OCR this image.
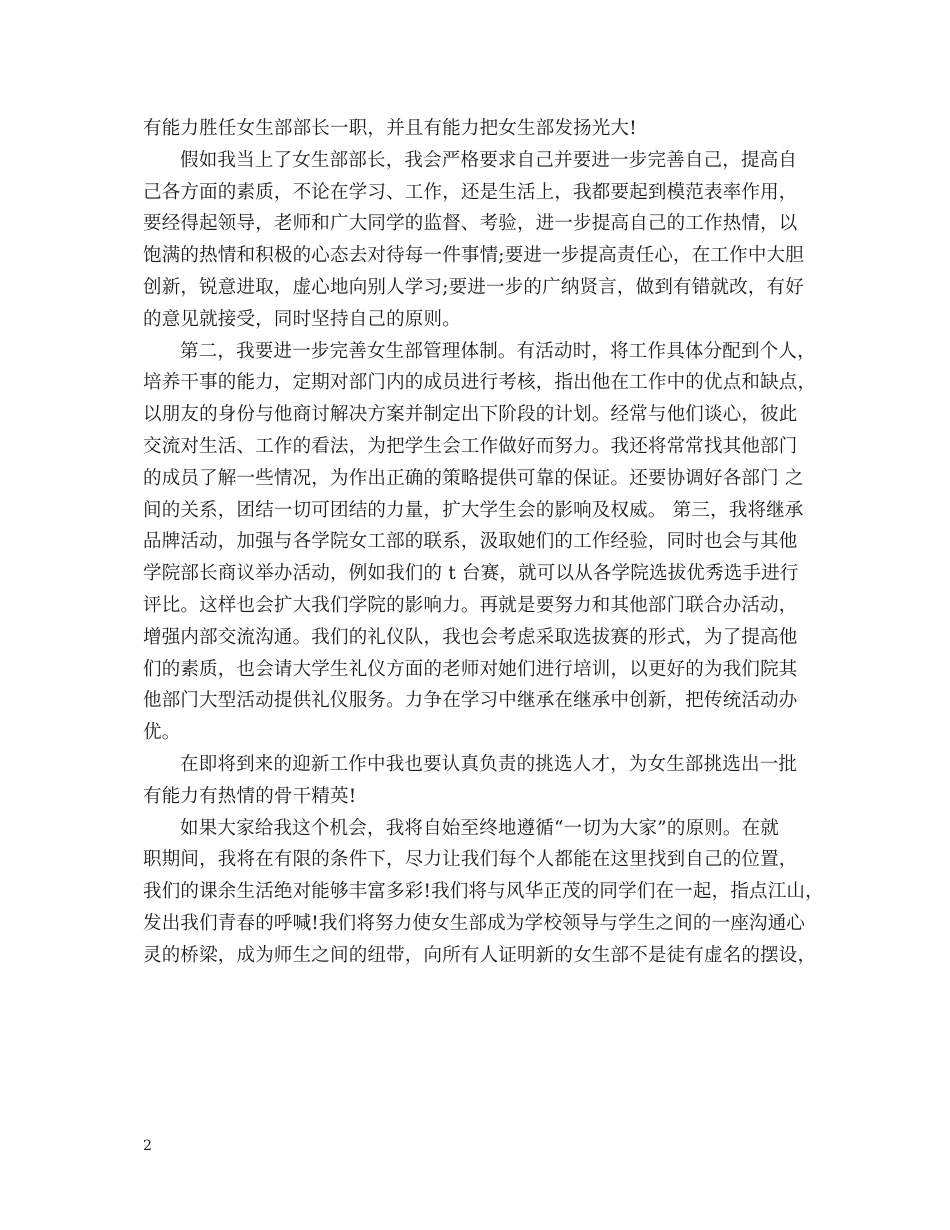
有能力胜任女生部部长一职，并且有能力把女生部发扬光大!
假如我当上了女生部部长，我会严格要求自己并要进一步完善自己，提高自
己各方面的素质，不论在学习、工作，还是生活上，我都要起到模范表率作用，
要经得起领导，老师和广大同学的监督、考验，进一步提高自己的工作热情，以
饱满的热情和积极的心态去对待每一件事情;要进一步提高责任心，在工作中大胆
创新，锐意进取，虚心地向别人学习;要进一步的广纳贤言，做到有错就改，有好
的意见就接受，同时坚持自己的原则。
第二，我要进一步完善女生部管理体制。有活动时，将工作具体分配到个人，
培养干事的能力，定期对部门内的成员进行考核，指出他在工作中的优点和缺点，
以朋友的身份与他商讨解决方案并制定出下阶段的计划。经常与他们谈心，彼此
交流对生活、工作的看法，为把学生会工作做好而努力。我还将常常找其他部门
的成员了解一些情况，为作出正确的策略提供可靠的保证。还要协调好各部门 之
间的关系，团结一切可团结的力量，扩大学生会的影响及权威。 第三，我将继承
品牌活动，加强与各学院女工部的联系，汲取她们的工作经验，同时也会与其他
学院部长商议举办活动，例如我们的 t 台赛，就可以从各学院选拔优秀选手进行
评比。这样也会扩大我们学院的影响力。再就是要努力和其他部门联合办活动，
增强内部交流沟通。我们的礼仪队，我也会考虑采取选拔赛的形式，为了提高他
们的素质，也会请大学生礼仪方面的老师对她们进行培训，以更好的为我们院其
他部门大型活动提供礼仪服务。力争在学习中继承在继承中创新，把传统活动办
优。
在即将到来的迎新工作中我也要认真负责的挑选人才，为女生部挑选出一批
有能力有热情的骨干精英!
如果大家给我这个机会，我将自始至终地遵循“一切为大家”的原则。在就
职期间，我将在有限的条件下，尽力让我们每个人都能在这里找到自己的位置，
我们的课余生活绝对能够丰富多彩!我们将与风华正茂的同学们在一起，指点江山，
发出我们青春的呼喊!我们将努力使女生部成为学校领导与学生之间的一座沟通心
灵的桥梁，成为师生之间的纽带，向所有人证明新的女生部不是徒有虚名的摆设，
2
